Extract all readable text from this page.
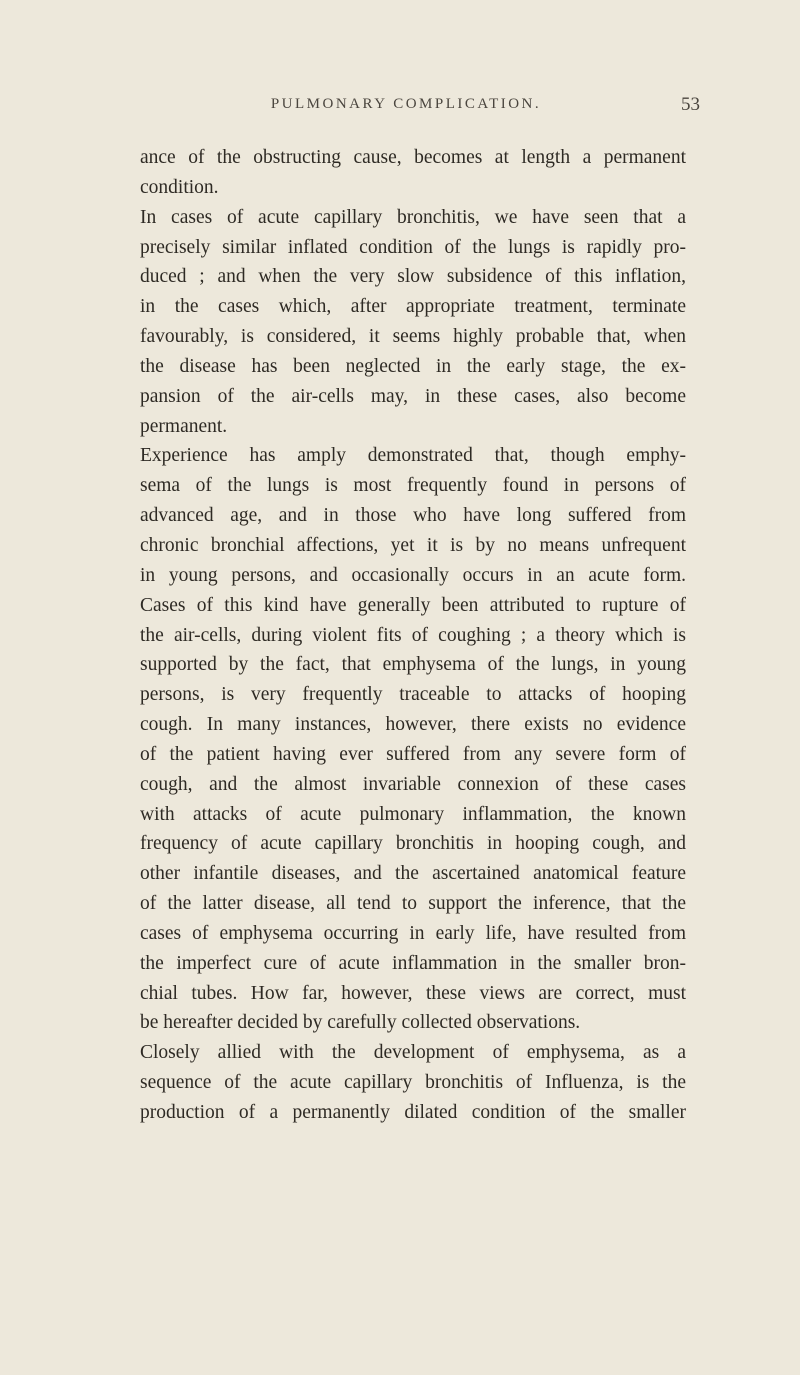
PULMONARY COMPLICATION.	53
ance of the obstructing cause, becomes at length a permanent
condition.
In cases of acute capillary bronchitis, we have seen that a
precisely similar inflated condition of the lungs is rapidly pro-
duced ; and when the very slow subsidence of this inflation,
in the cases which, after appropriate treatment, terminate
favourably, is considered, it seems highly probable that, when
the disease has been neglected in the early stage, the ex-
pansion of the air-cells may, in these cases, also become
permanent.
Experience has amply demonstrated that, though emphy-
sema of the lungs is most frequently found in persons of
advanced age, and in those who have long suffered from
chronic bronchial affections, yet it is by no means unfrequent
in young persons, and occasionally occurs in an acute form.
Cases of this kind have generally been attributed to rupture of
the air-cells, during violent fits of coughing ; a theory which is
supported by the fact, that emphysema of the lungs, in young
persons, is very frequently traceable to attacks of hooping
cough. In many instances, however, there exists no evidence
of the patient having ever suffered from any severe form of
cough, and the almost invariable connexion of these cases
with attacks of acute pulmonary inflammation, the known
frequency of acute capillary bronchitis in hooping cough, and
other infantile diseases, and the ascertained anatomical feature
of the latter disease, all tend to support the inference, that the
cases of emphysema occurring in early life, have resulted from
the imperfect cure of acute inflammation in the smaller bron-
chial tubes. How far, however, these views are correct, must
be hereafter decided by carefully collected observations.
Closely allied with the development of emphysema, as a
sequence of the acute capillary bronchitis of Influenza, is the
production of a permanently dilated condition of the smaller
